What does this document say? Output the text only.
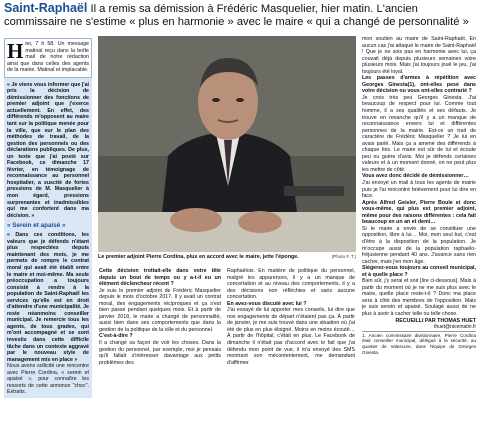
Saint-Raphaël Il a remis sa démission à Frédéric Masquelier, hier matin. L'ancien commissaire ne s'estime « plus en harmonie » avec le maire « qui a changé de personnalité »
H ier, 7 h 58. Un message matinal reçu dans la boîte mail de notre rédaction ainsi que dans celles des agents de la mairie. Matinal et implacable.

« Je viens vous informer que j'ai pris la décision de démissionner des fonctions de premier adjoint que j'exerce actuellement. En effet, des différends m'opposent au maire tant sur la politique menée pour la ville, que sur le plan des méthodes de travail, de la gestion des personnels ou des déclarations publiques. De plus, un texte que j'ai posté sur Facebook, ce dimanche 17 février, en témoignage de reconnaissance au personnel hospitalier, a suscité de fortes pressions de M. Masquelier à mon égard, pressions surprenantes et inadmissibles qui me confortent dans ma décision. »

« Serein et apaisé »

« Dans ces conditions, les valeurs que je défends n'étant plus respectées depuis maintenant des mois, je me permets de rompre le contrat moral qui avait été établi entre le maire et moi-même. Ma seule préoccupation a toujours consisté à rendre à la population de Saint-Raphaël les services qu'elle est en droit d'attendre d'une municipalité. Je reste néanmoins conseiller municipal. Je remercie tous les agents, de tous grades, qui m'ont accompagné et se sont investis dans cette difficile tâche dans un contexte aggravé par le nouveau style de management mis en place »

Nous avons sollicité une rencontre avec Pierre Cordina, « serein et apaisé », pour connaître les ressorts de cette annonce "choc". Extraits.

Le premier adjoint Pierre Cordina, plus en accord avec le maire, jette l'éponge.	(Photo F. T.)

Cette décision trottait-elle dans votre tête depuis un bout de temps ou y a-t-il eu un élément déclencheur récent ?

Je suis le premier adjoint de Frédéric Masquelier depuis le mois d'octobre 2017. Il y avait un contrat moral, des engagements réciproques et ça s'est bien passé pendant quelques mois. Et à partir de janvier 2018, le maire a changé de personnalité, aussi bien dans ses comportements que dans la gestion de la politique de la ville et du personnel.

C'est-à-dire ?

Il a changé sa façon de voir les choses. Dans la gestion du personnel, par exemple, moi je pensais qu'il fallait s'intéresser davantage aux petits problèmes des

Raphaëlois. En matière de politique du personnel, malgré les apparences, il y a un manque de concertation et au niveau des comportements, il y a des décisions non réfléchies et sans aucune concertation.

En avez-vous discuté avec lui ?

J'ai essayé de lui apporter mes conseils, lui dire que nos engagements de départ n'étaient pas ça. À partir de janvier, je me suis trouvé dans une situation où j'ai été de plus en plus éloigné. Moins en moins écouté… À partir de l'hôpital, c'était en plus. Le Facebook de dimanche il n'était pas d'accord avec le fait que j'ai défendu mon point de vue, il m'a envoyé des SMS montrant son mécontentement, me demandant d'affirmer

mon soutien au maire de Saint-Raphaël. En aucun cas j'ai attaqué le maire de Saint-Raphaël ! Que je ne sois pas en harmonie avec lui, ça couvait déjà depuis plusieurs semaines voire plusieurs mois. Mais j'ai toujours joué le jeu, j'ai toujours été loyal.

Les passes d'armes à répétition avec Georges Ginesta(1), ont-elles pesé dans votre décision ou vous ont-elles contrarié ?

Je crois très peu Georges Ginesta. J'ai beaucoup de respect pour lui. Comme tout homme, il a ses qualités et ses défauts. Je trouve en revanche qu'il y a un manque de reconnaissance envers lui et différentes personnes de la mairie. Est-ce un trait de caractère de Frédéric Masquelier ? Je lui en avais parlé. Mais ça a amené des différends à chaque fois. Le maire est sûr de lui et écoute peu ou guère d'avis. Moi je défends certaines valeurs et à un moment donné, on ne peut plus les mettre de côté.

Vous avez donc décidé de démissionner…

J'ai envoyé un mail à tous les agents de mairie puis je l'ai rencontré brièvement pour lui dire en face.

Après Alfred Geisler, Pierre Boule et donc vous-même, qui plus est premier adjoint, même pour des raisons différentes : cela fait beaucoup en un an et demi…

Si le maire a envie de se constituer une opposition, libre à lui… Moi, mon seul but, c'est d'être à la disposition de la population. Je m'occupe aussi de la population raphaélo-fréjusienne pendant 40 ans. J'avance sans rien cacher, mais j'en mon âge.

Siégerez-vous toujours au conseil municipal, et à quelle place ?

Bien sûr, j'y serai et soir [lire ci-dessous]. Mais à partir du moment où je ne me suis plus avec le maire, quelle place reste-t-il ? Donc ma place sera à côté des membres de l'opposition. Mais je suis serein et apaisé. Soulagé aussi de ne plus à avoir à cacher telle ou telle chose.

RECUEILLI PAR THOMAS HUET

thuet@nicematin.fr

1. Ancien commissaire divisionnaire, Pierre Cordina était conseiller municipal, délégué à la sécurité, au quartier de Valescure, dans l'équipe de Georges Ginesta.
